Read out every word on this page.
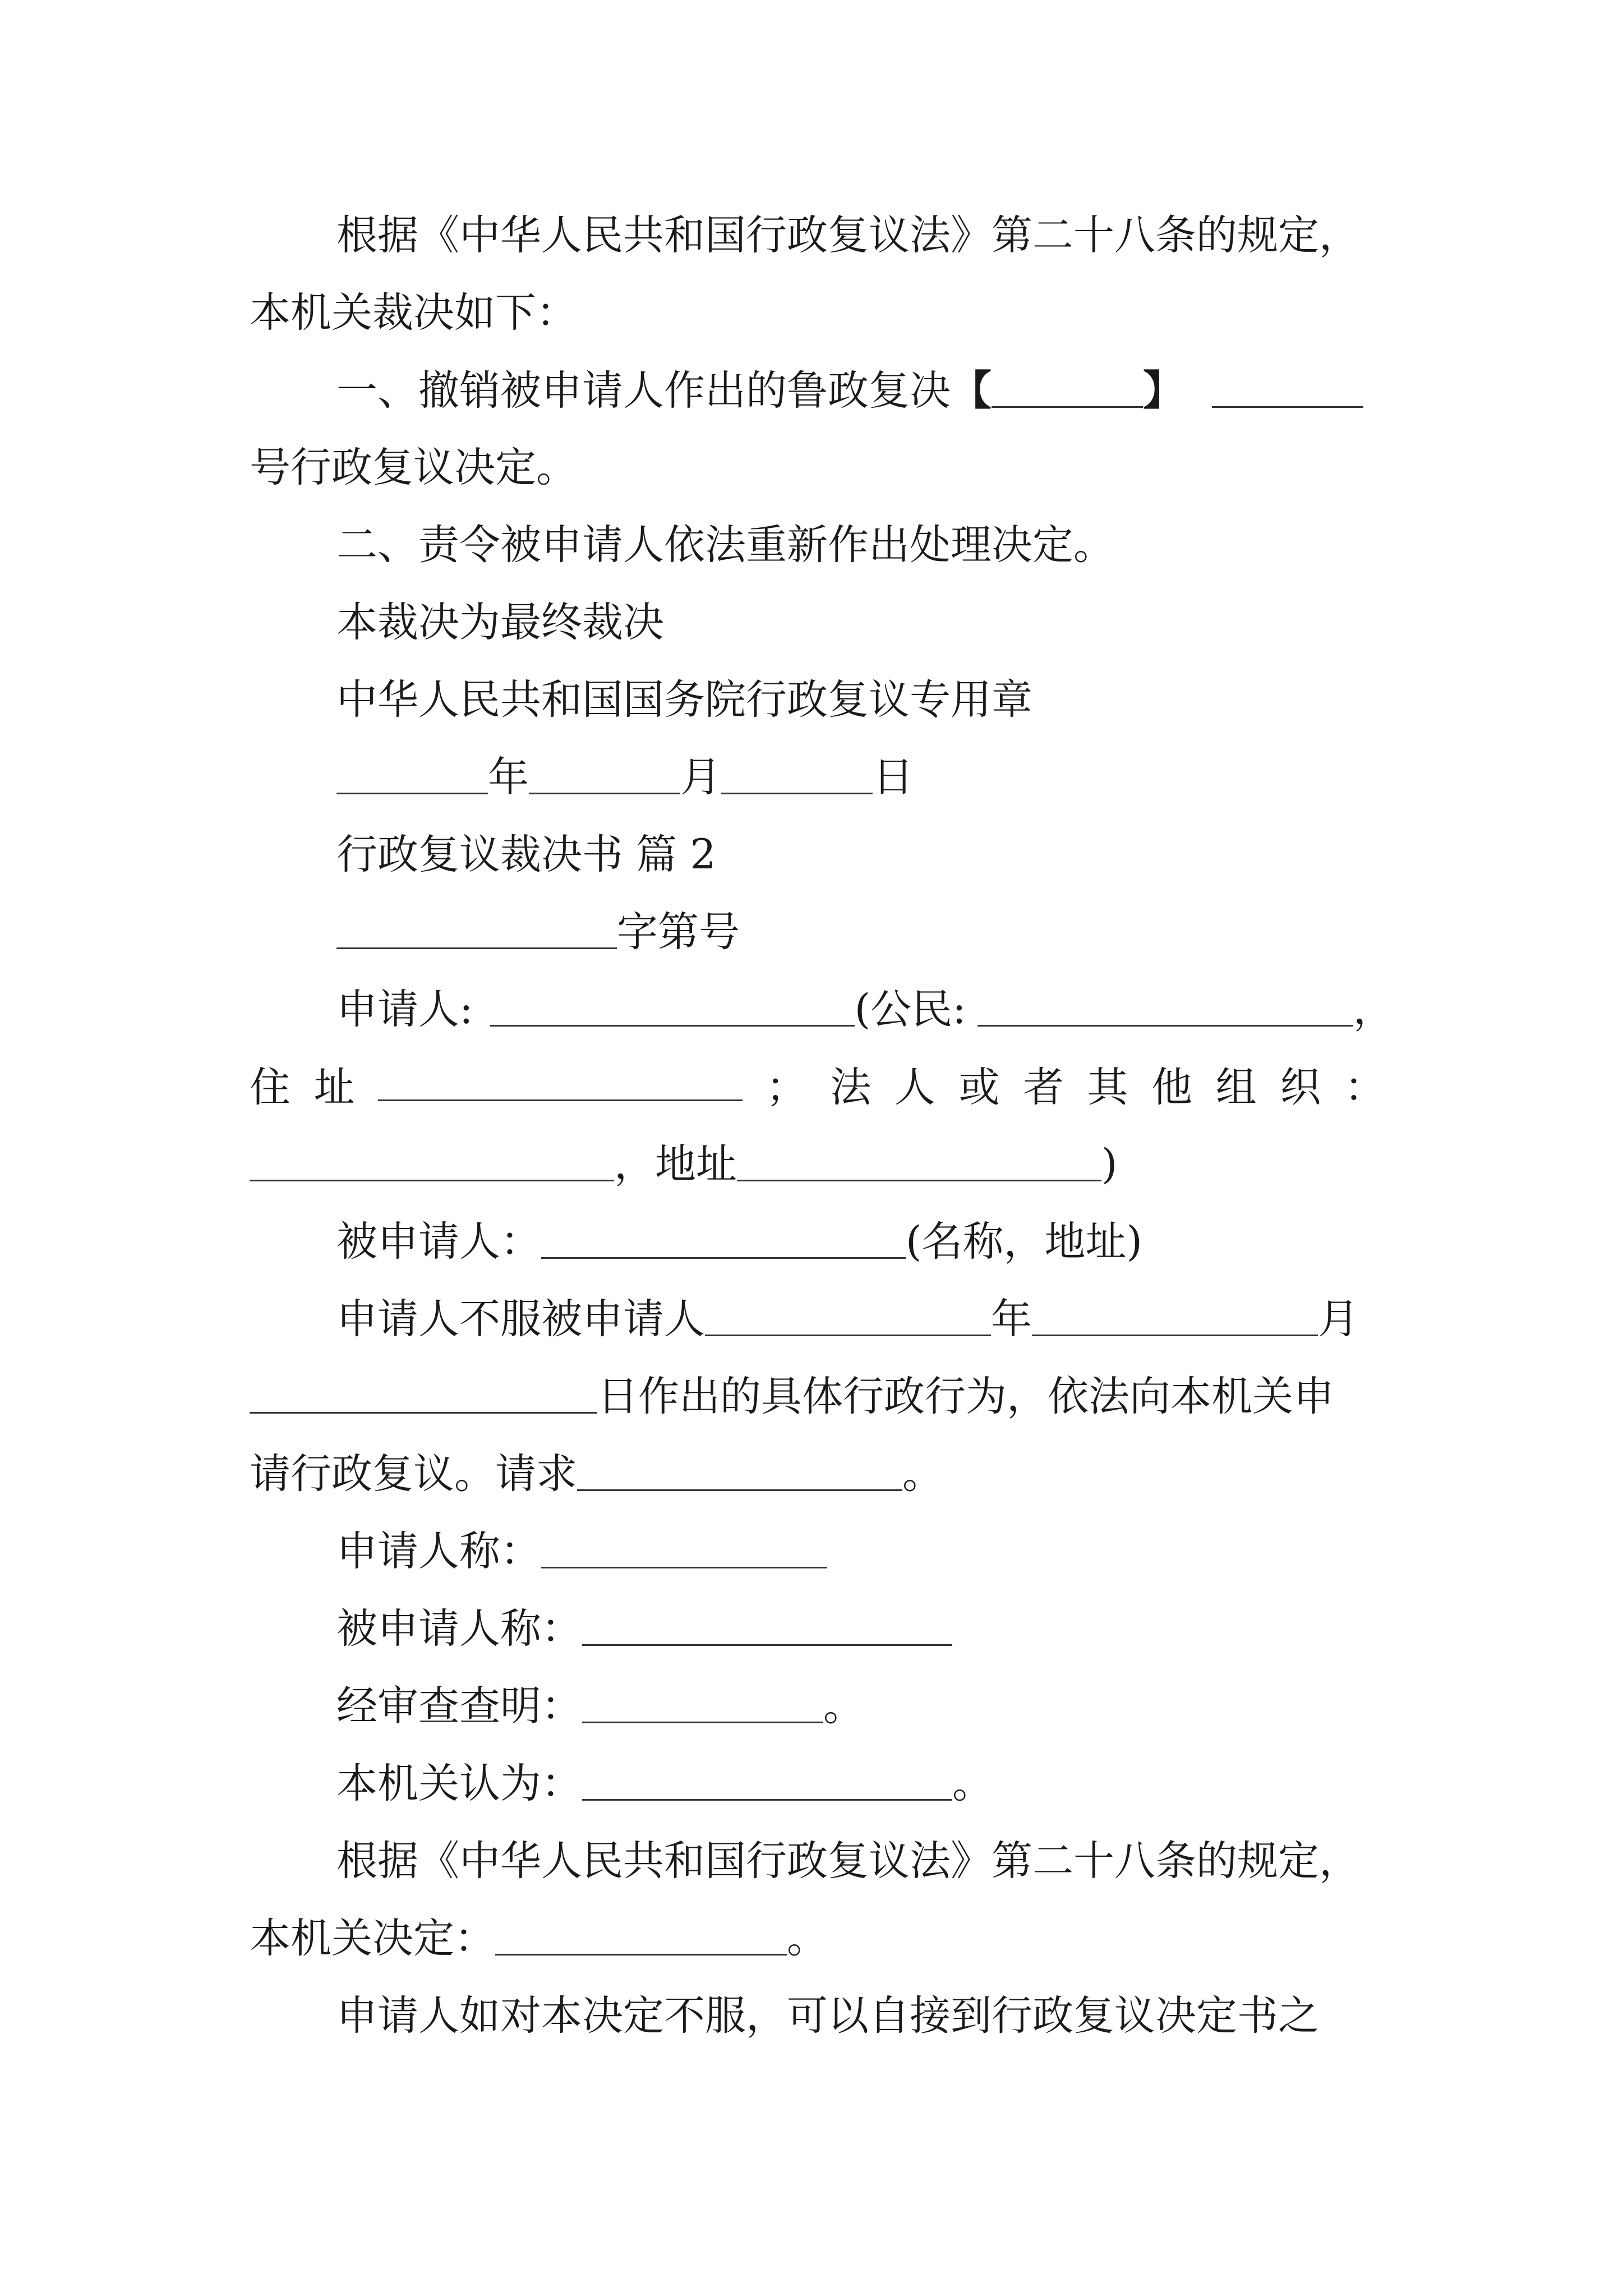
根据《中华人民共和国行政复议法》第二十八条的规定，
本机关裁决如下：
一、撤销被申请人作出的鲁政复决【	】
号行政复议决定。
二、责令被申请人依法重新作出处理决定。
本裁决为最终裁决
中华人民共和国国务院行政复议专用章
年	月	日
行政复议裁决书 篇 2
字第号
申请人:	(公民:	，
住 址	； 法 人 或 者 其 他 组 织 ：
，地址	)
被申请人：	(名称，地址)
申请人不服被申请人	年	月
日作出的具体行政行为，依法向本机关申
请行政复议。请求	。
申请人称：
被申请人称：
经审查查明：	。
本机关认为：	。
根据《中华人民共和国行政复议法》第二十八条的规定，
本机关决定：	。
申请人如对本决定不服，可以自接到行政复议决定书之
